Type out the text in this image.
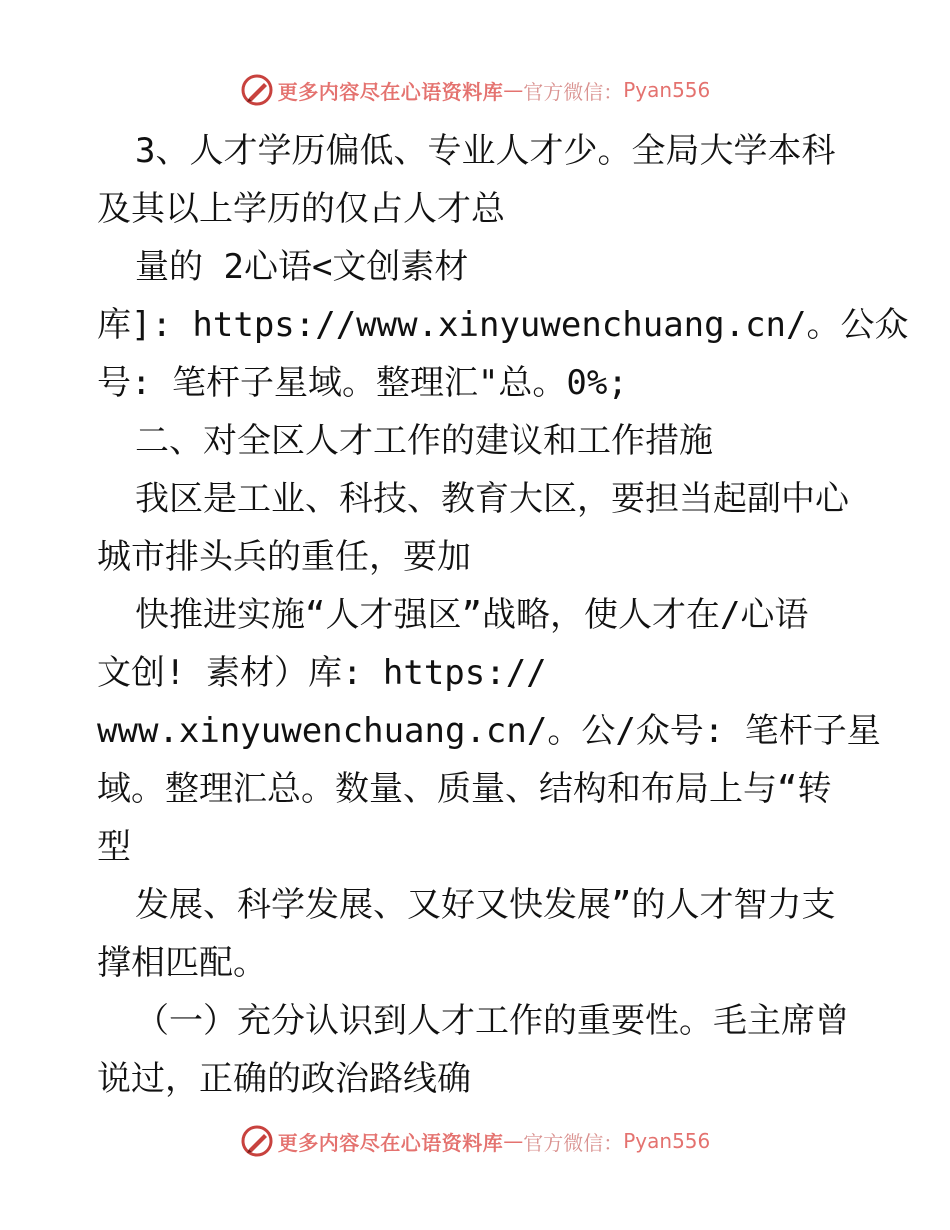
更多内容尽在心语资料库 — 官方微信： Pyan556
3、人才学历偏低、专业人才少。全局大学本科
及其以上学历的仅占人才总
量的 2心语<文创素材
库]: https://www.xinyuwenchuang.cn/。公众
号: 笔杆子星域。整理汇"总。0%;
二、对全区人才工作的建议和工作措施
我区是工业、科技、教育大区，要担当起副中心
城市排头兵的重任，要加
快推进实施“人才强区”战略，使人才在/心语
文创! 素材）库: https://
www.xinyuwenchuang.cn/。公/众号: 笔杆子星
域。整理汇总。数量、质量、结构和布局上与“转
型
发展、科学发展、又好又快发展”的人才智力支
撑相匹配。
（一）充分认识到人才工作的重要性。毛主席曾
说过，正确的政治路线确
更多内容尽在心语资料库 — 官方微信： Pyan556
